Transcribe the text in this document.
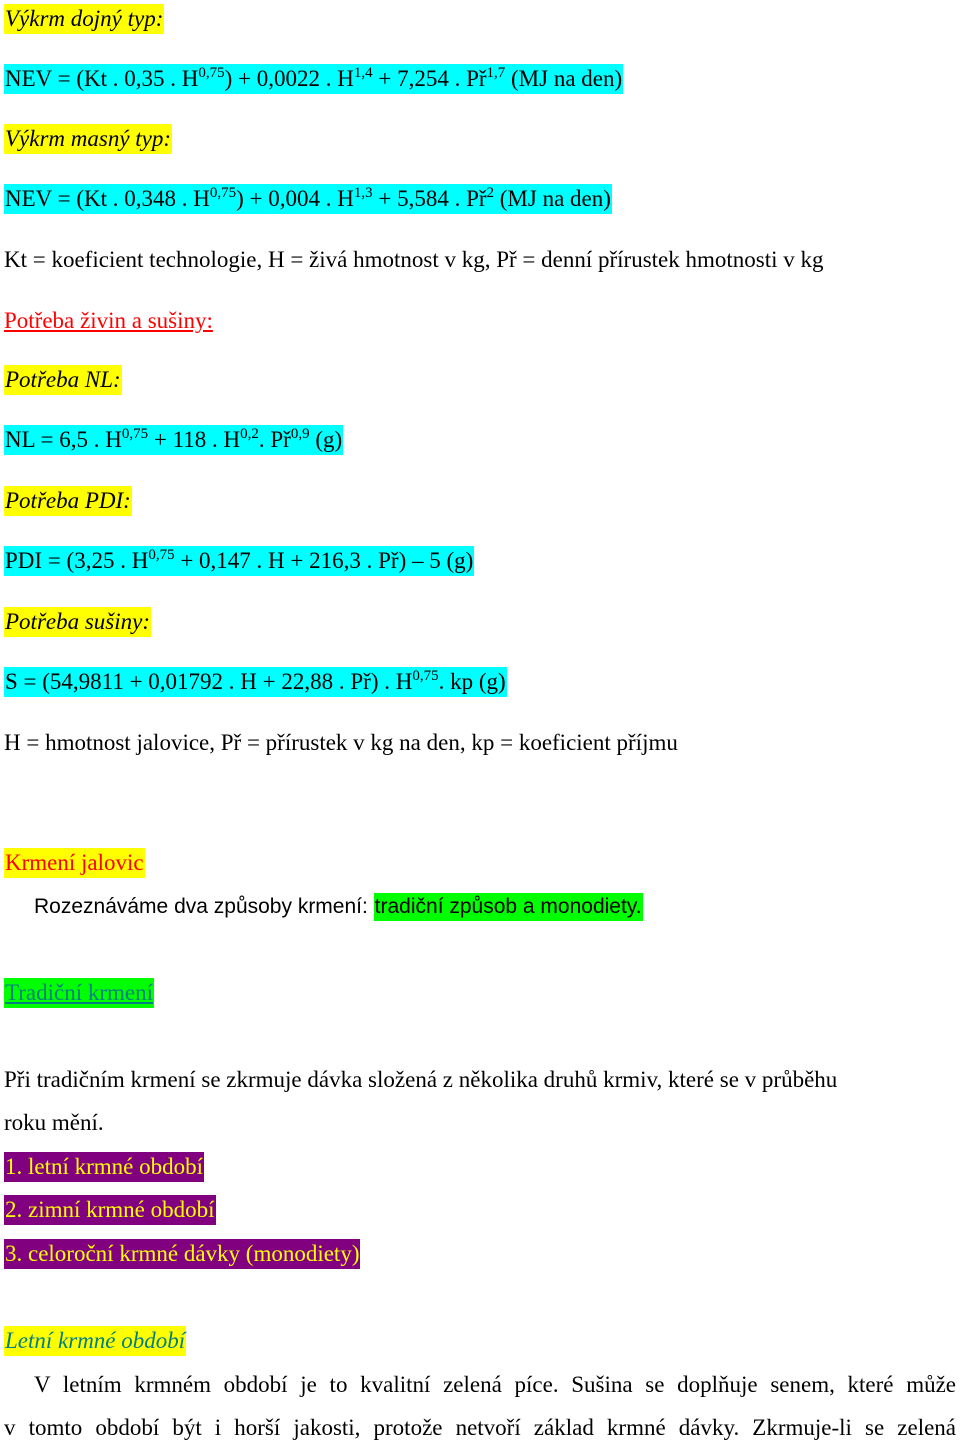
Výkrm dojný typ:
NEV = (Kt . 0,35 . H$^{0,75}$) + 0,0022 . H$^{1,4}$ + 7,254 . Př$^{1,7}$ (MJ na den)
Výkrm masný typ:
NEV = (Kt . 0,348 . H$^{0,75}$) + 0,004 . H$^{1,3}$ + 5,584 . $Př^2$ (MJ na den)
Kt = koeficient technologie, H = živá hmotnost v kg, Př = denní přírustek hmotnosti v kg
Potřeba živin a sušiny:
Potřeba NL:
NL = 6,5 . H$^{0,75}$ + 118 . H$^{0,2}$. Př$^{0,9}$ (g)
Potřeba PDI:
PDI = (3,25 . H$^{0,75}$ + 0,147 . H + 216,3 . Př) – 5 (g)
Potřeba sušiny:
S = (54,9811 + 0,01792 . H + 22,88 . Př) . H$^{0,75}$. kp (g)
H = hmotnost jalovice, Př = přírustek v kg na den, kp = koeficient příjmu
Krmení jalovic
Rozeznáváme dva způsoby krmení: tradiční způsob a monodiety.
Tradiční krmení
Při tradičním krmení se zkrmuje dávka složená z několika druhů krmiv, které se v průběhu
roku mění.
1. letní krmné období
2. zimní krmné období
3. celoroční krmné dávky (monodiety)
Letní krmné období
V letním krmném období je to kvalitní zelená píce. Sušina se doplňuje senem, které může
v tomto období být i horší jakosti, protože netvoří základ krmné dávky. Zkrmuje-li se zelená
